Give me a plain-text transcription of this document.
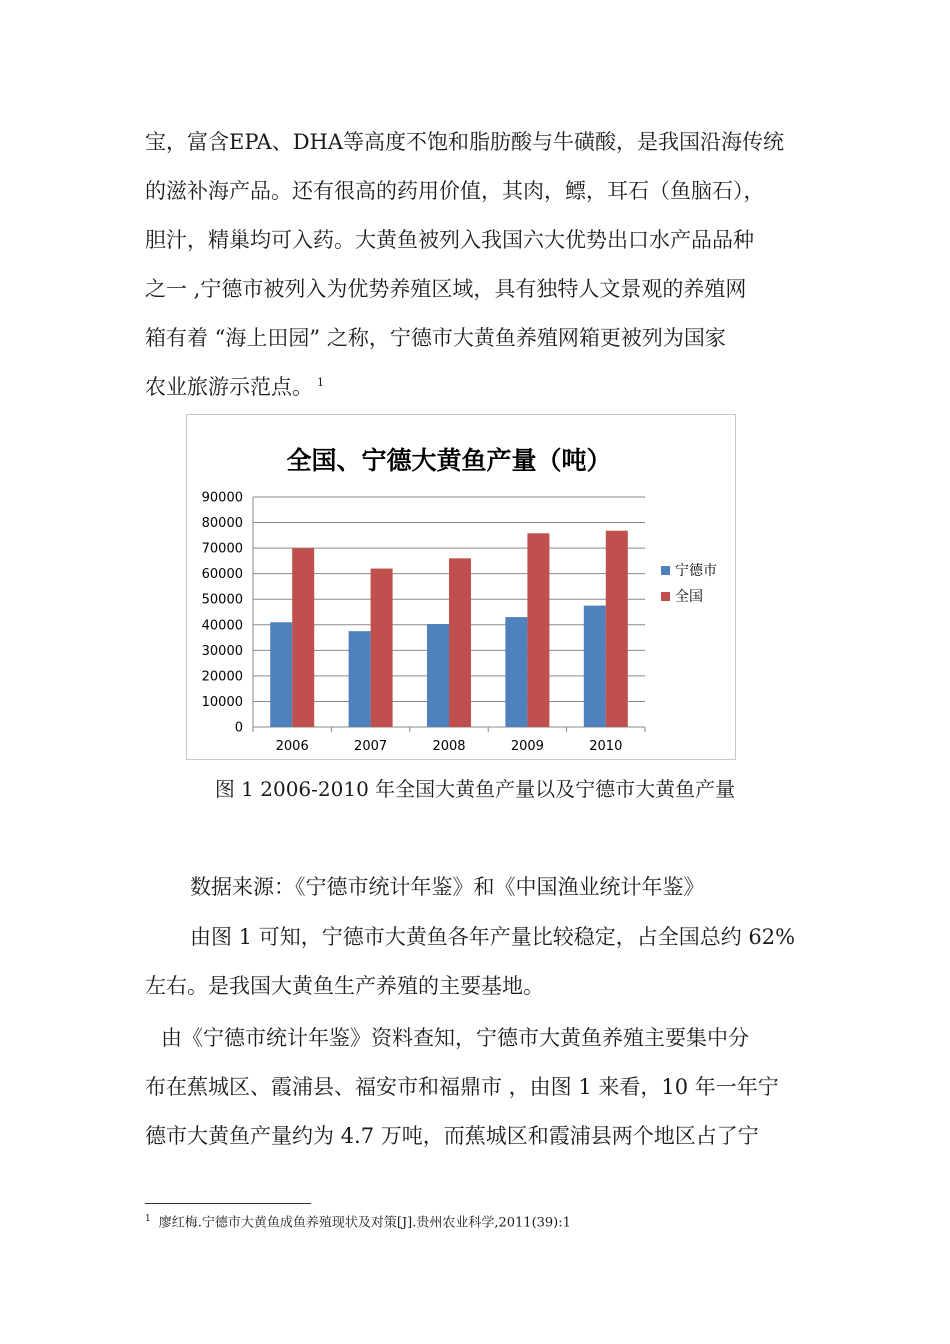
宝，富含EPA、DHA等高度不饱和脂肪酸与牛磺酸，是我国沿海传统
的滋补海产品。还有很高的药用价值，其肉，鳔，耳石（鱼脑石），
胆汁，精巢均可入药。大黄鱼被列入我国六大优势出口水产品品种
之一 ,宁德市被列入为优势养殖区域，具有独特人文景观的养殖网
箱有着 “海上田园” 之称，宁德市大黄鱼养殖网箱更被列为国家
农业旅游示范点。 $^1$
全国、宁德大黄鱼产量（吨）
0
10000
20000
30000
40000
50000
60000
70000
80000
90000
2006	2007	2008	2009	2010
宁德市
全国
图 1 2006-2010 年全国大黄鱼产量以及宁德市大黄鱼产量
数据来源：《宁德市统计年鉴》和《中国渔业统计年鉴》
由图 1 可知，宁德市大黄鱼各年产量比较稳定，占全国总约 62%
左右。是我国大黄鱼生产养殖的主要基地。
由《宁德市统计年鉴》资料查知，宁德市大黄鱼养殖主要集中分
布在蕉城区、霞浦县、福安市和福鼎市 ，由图 1 来看，10 年一年宁
德市大黄鱼产量约为 4.7 万吨，而蕉城区和霞浦县两个地区占了宁
$^1$ 廖红梅.宁德市大黄鱼成鱼养殖现状及对策[J].贵州农业科学,2011(39):1
